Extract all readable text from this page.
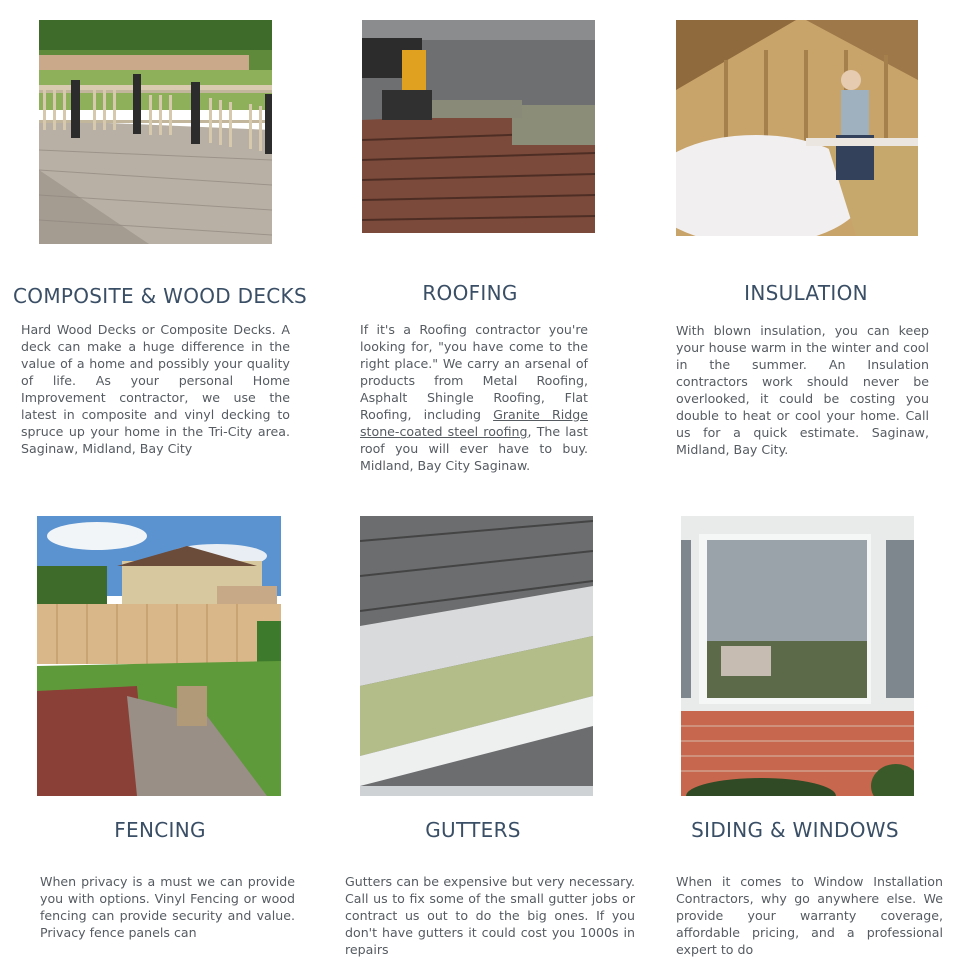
COMPOSITE & WOOD DECKS

Hard Wood Decks or Composite Decks. A deck can make a huge difference in the value of a home and possibly your quality of life. As your personal Home Improvement contractor, we use the latest in composite and vinyl decking to spruce up your home in the Tri-City area. Saginaw, Midland, Bay City

ROOFING

If it's a Roofing contractor you're looking for, "you have come to the right place." We carry an arsenal of products from Metal Roofing, Asphalt Shingle Roofing, Flat Roofing, including Granite Ridge stone-coated steel roofing, The last roof you will ever have to buy. Midland, Bay City Saginaw.

INSULATION

With blown insulation, you can keep your house warm in the winter and cool in the summer. An Insulation contractors work should never be overlooked, it could be costing you double to heat or cool your home. Call us for a quick estimate. Saginaw, Midland, Bay City.

FENCING

When privacy is a must we can provide you with options. Vinyl Fencing or wood fencing can provide security and value. Privacy fence panels can

GUTTERS

Gutters can be expensive but very necessary. Call us to fix some of the small gutter jobs or contract us out to do the big ones. If you don't have gutters it could cost you 1000s in repairs

SIDING & WINDOWS

When it comes to Window Installation Contractors, why go anywhere else. We provide your warranty coverage, affordable pricing, and a professional expert to do
